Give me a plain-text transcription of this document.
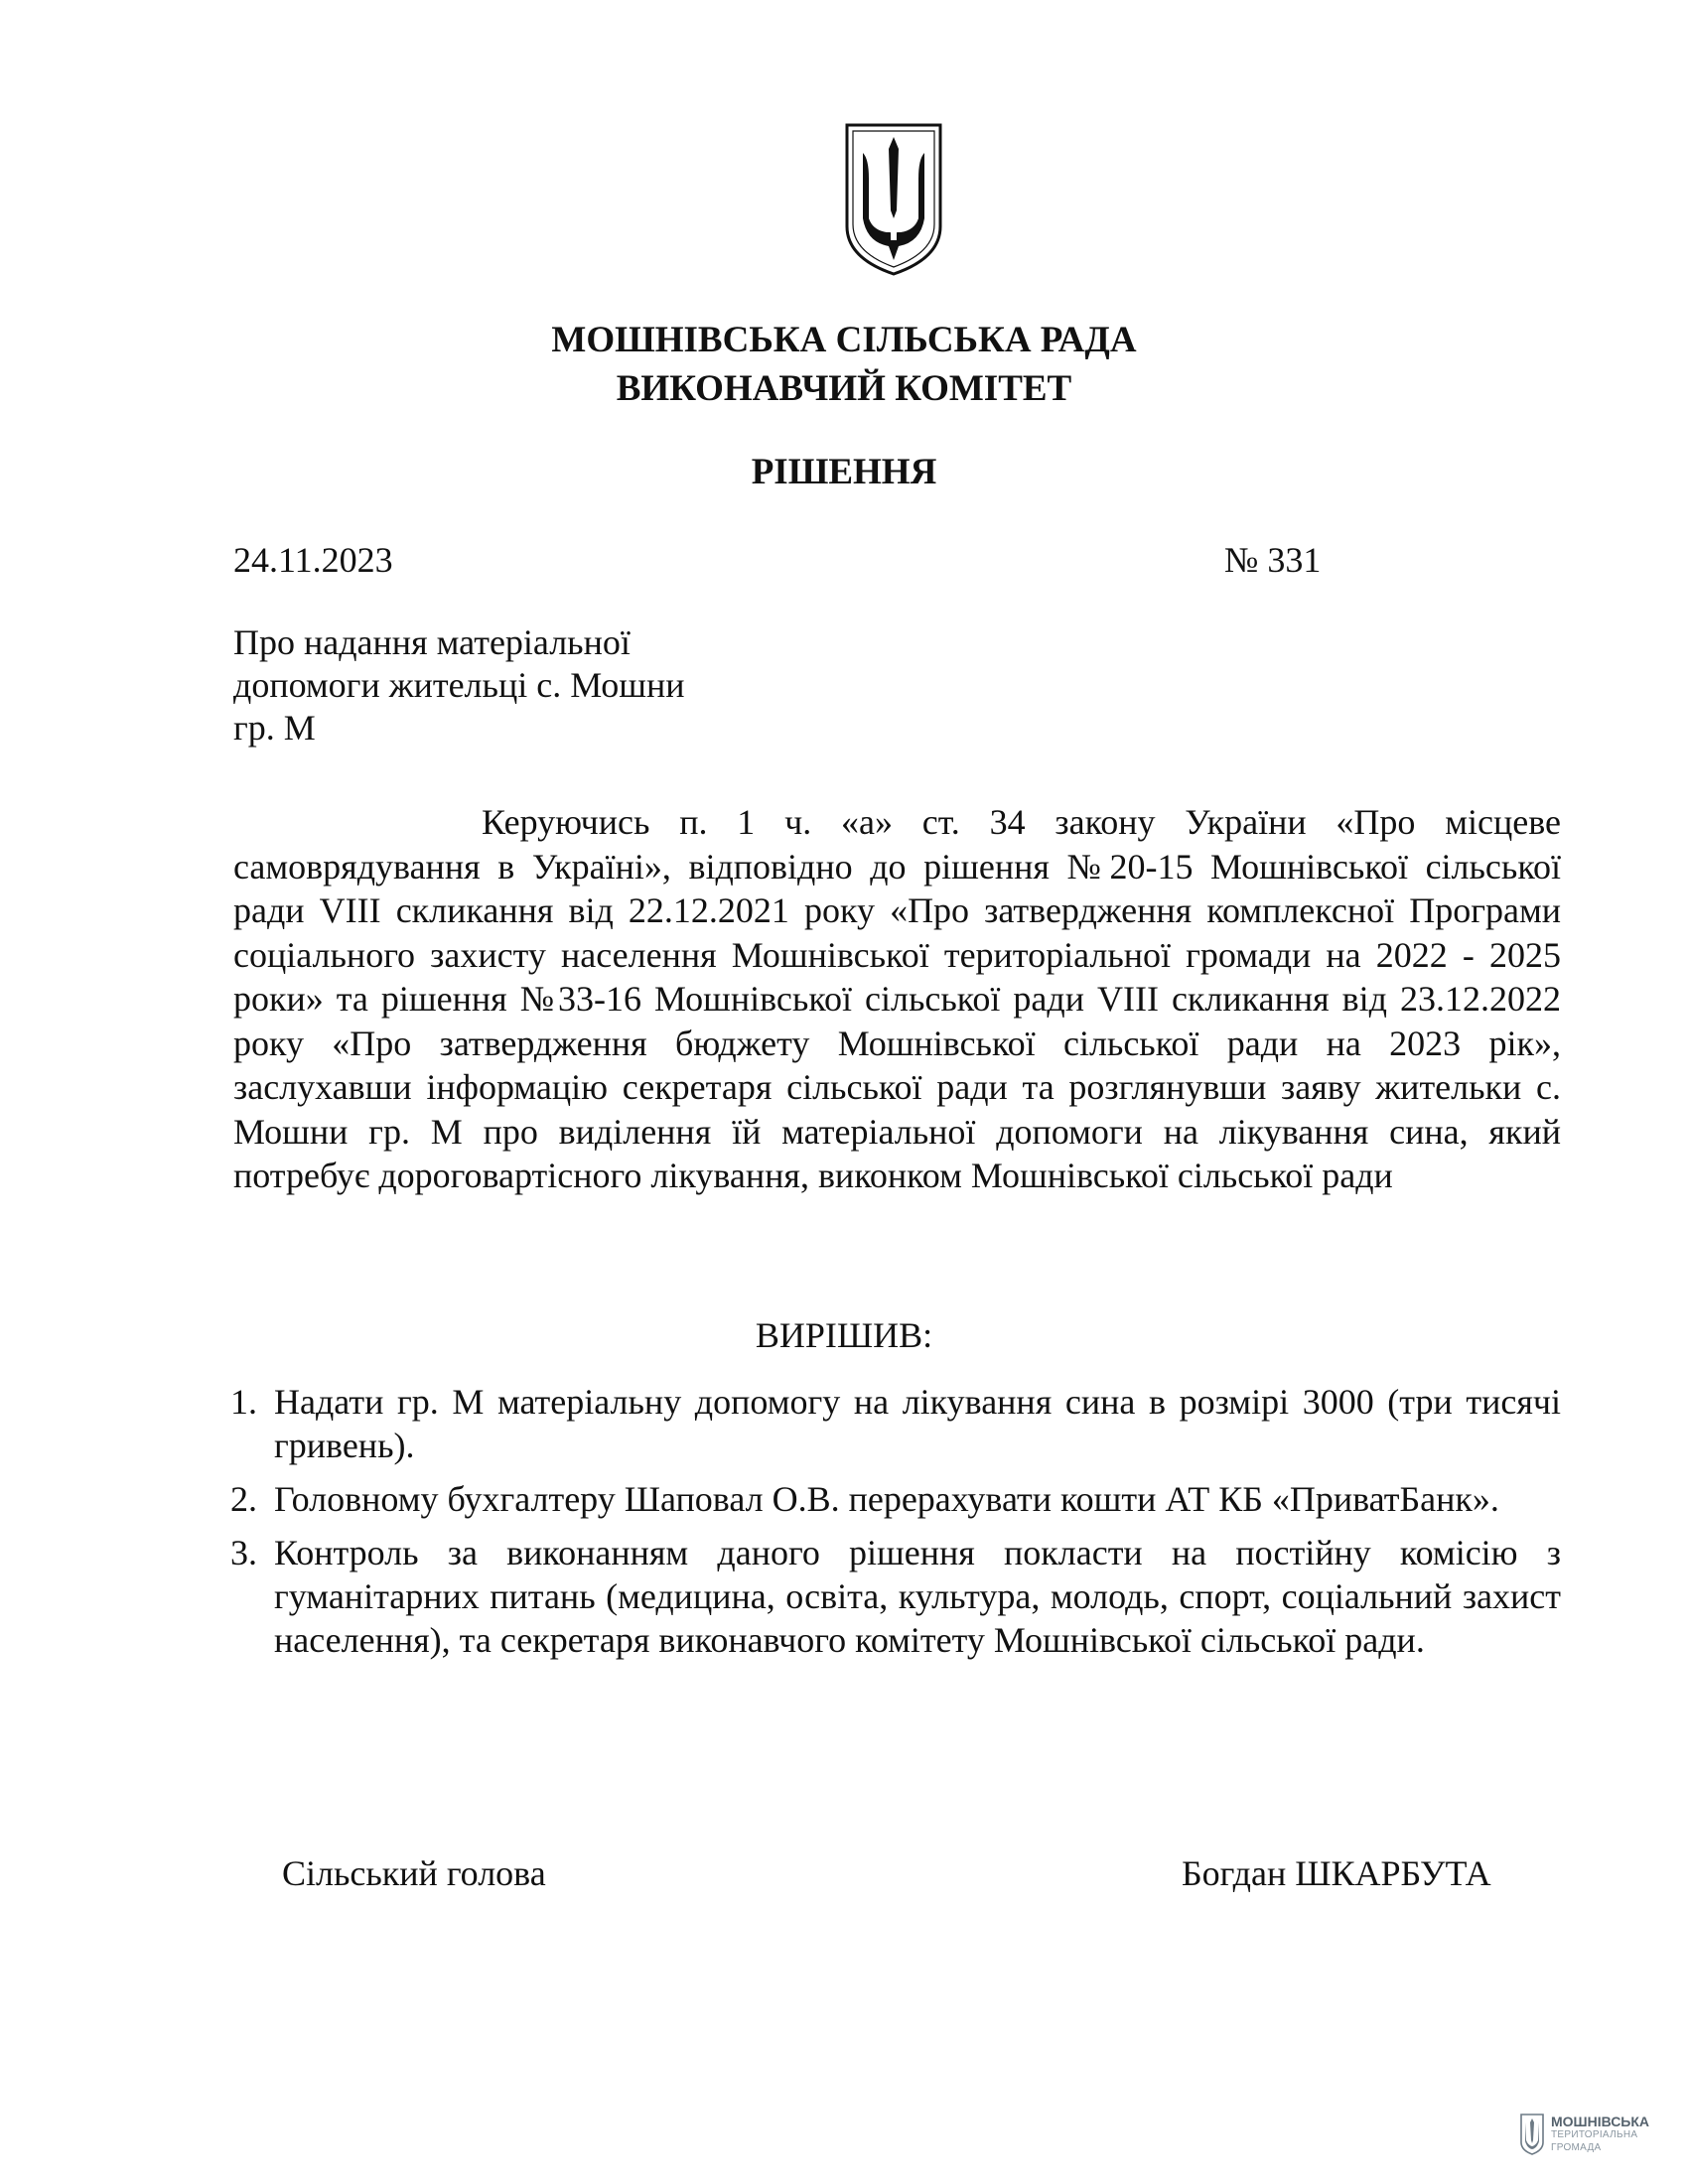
МОШНІВСЬКА СІЛЬСЬКА РАДА
ВИКОНАВЧИЙ КОМІТЕТ
РІШЕННЯ
24.11.2023	№ 331
Про надання матеріальної
допомоги жительці с. Мошни
гр. М

Керуючись п. 1 ч. «а» ст. 34 закону України «Про місцеве самоврядування в Україні», відповідно до рішення №20-15 Мошнівської сільської ради VIII скликання від 22.12.2021 року «Про затвердження комплексної Програми соціального захисту населення Мошнівської територіальної громади на 2022 - 2025 роки» та рішення №33-16 Мошнівської сільської ради VIII скликання від 23.12.2022 року «Про затвердження бюджету Мошнівської сільської ради на 2023 рік», заслухавши інформацію секретаря сільської ради та розглянувши заяву жительки с. Мошни гр. М про виділення їй матеріальної допомоги на лікування сина, який потребує дороговартісного лікування, виконком Мошнівської сільської ради

ВИРІШИВ:
1. Надати гр. М матеріальну допомогу на лікування сина в розмірі 3000 (три тисячі гривень).
2. Головному бухгалтеру Шаповал О.В. перерахувати кошти АТ КБ «ПриватБанк».
3. Контроль за виконанням даного рішення покласти на постійну комісію з гуманітарних питань (медицина, освіта, культура, молодь, спорт, соціальний захист населення), та секретаря виконавчого комітету Мошнівської сільської ради.
Сільський голова	Богдан ШКАРБУТА
МОШНІВСЬКА
ТЕРИТОРІАЛЬНА
ГРОМАДА
